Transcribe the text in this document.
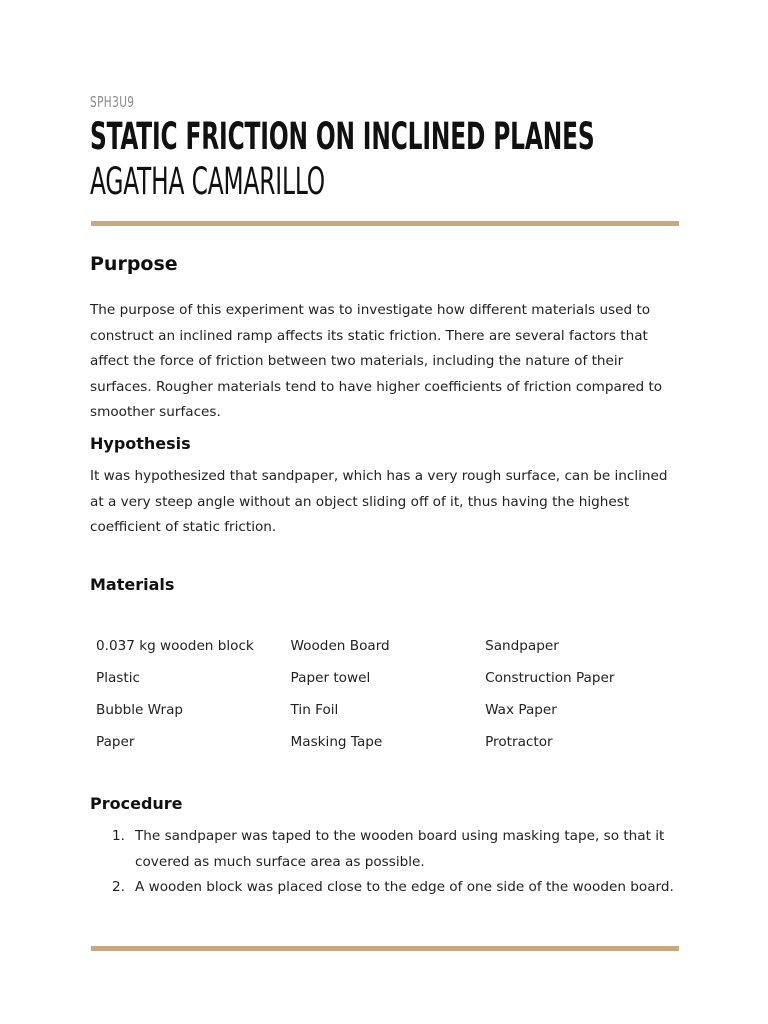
SPH3U9
STATIC FRICTION ON INCLINED PLANES
AGATHA CAMARILLO
Purpose
The purpose of this experiment was to investigate how different materials used to construct an inclined ramp affects its static friction. There are several factors that affect the force of friction between two materials, including the nature of their surfaces. Rougher materials tend to have higher coefficients of friction compared to smoother surfaces.
Hypothesis
It was hypothesized that sandpaper, which has a very rough surface, can be inclined at a very steep angle without an object sliding off of it, thus having the highest coefficient of static friction.
Materials
0.037 kg wooden block	Wooden Board	Sandpaper
Plastic	Paper towel	Construction Paper
Bubble Wrap	Tin Foil	Wax Paper
Paper	Masking Tape	Protractor
Procedure
1. The sandpaper was taped to the wooden board using masking tape, so that it covered as much surface area as possible.
2. A wooden block was placed close to the edge of one side of the wooden board.
